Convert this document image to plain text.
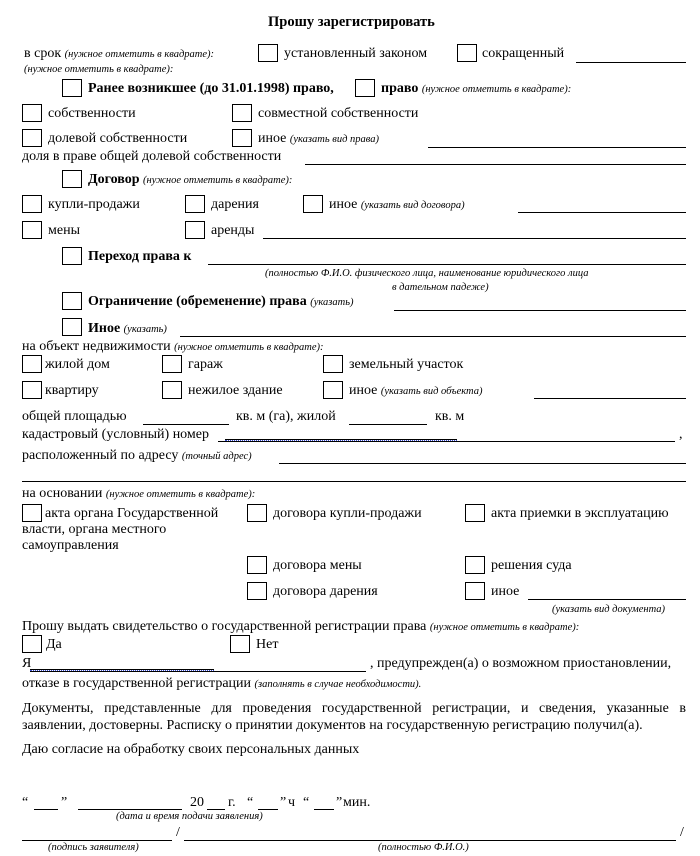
Прошу зарегистрировать
в срок (нужное отметить в квадрате):
(нужное отметить в квадрате):
установленный законом	сокращенный
Ранее возникшее (до 31.01.1998) право,	право (нужное отметить в квадрате):
собственности	совместной собственности
долевой собственности	иное (указать вид права)
доля в праве общей долевой собственности
Договор (нужное отметить в квадрате):
купли-продажи	дарения	иное (указать вид договора)
мены	аренды
Переход права к
(полностью Ф.И.О. физического лица, наименование юридического лица
в дательном падеже)
Ограничение (обременение) права (указать)
Иное (указать)
на объект недвижимости (нужное отметить в квадрате):
жилой дом	гараж	земельный участок
квартиру	нежилое здание	иное (указать вид объекта)
общей площадью	кв. м (га), жилой	кв. м
кадастровый (условный) номер	,
расположенный по адресу (точный адрес)
на основании (нужное отметить в квадрате):
акта органа Государственной
власти, органа местного
самоуправления
договора купли-продажи	акта приемки в эксплуатацию
договора мены	решения суда
договора дарения	иное
(указать вид документа)
Прошу выдать свидетельство о государственной регистрации права (нужное отметить в квадрате):
Да	Нет
Я	, предупрежден(а) о возможном приостановлении,
отказе в государственной регистрации (заполнять в случае необходимости).
Документы, представленные для проведения государственной регистрации, и сведения, указанные в заявлении, достоверны. Расписку о принятии документов на государственную регистрацию получил(а).
Даю согласие на обработку своих персональных данных
“ ”	20 г. “ ” ч “ ” мин.
(дата и время подачи заявления)
/	/
(подпись заявителя)	(полностью Ф.И.О.)
